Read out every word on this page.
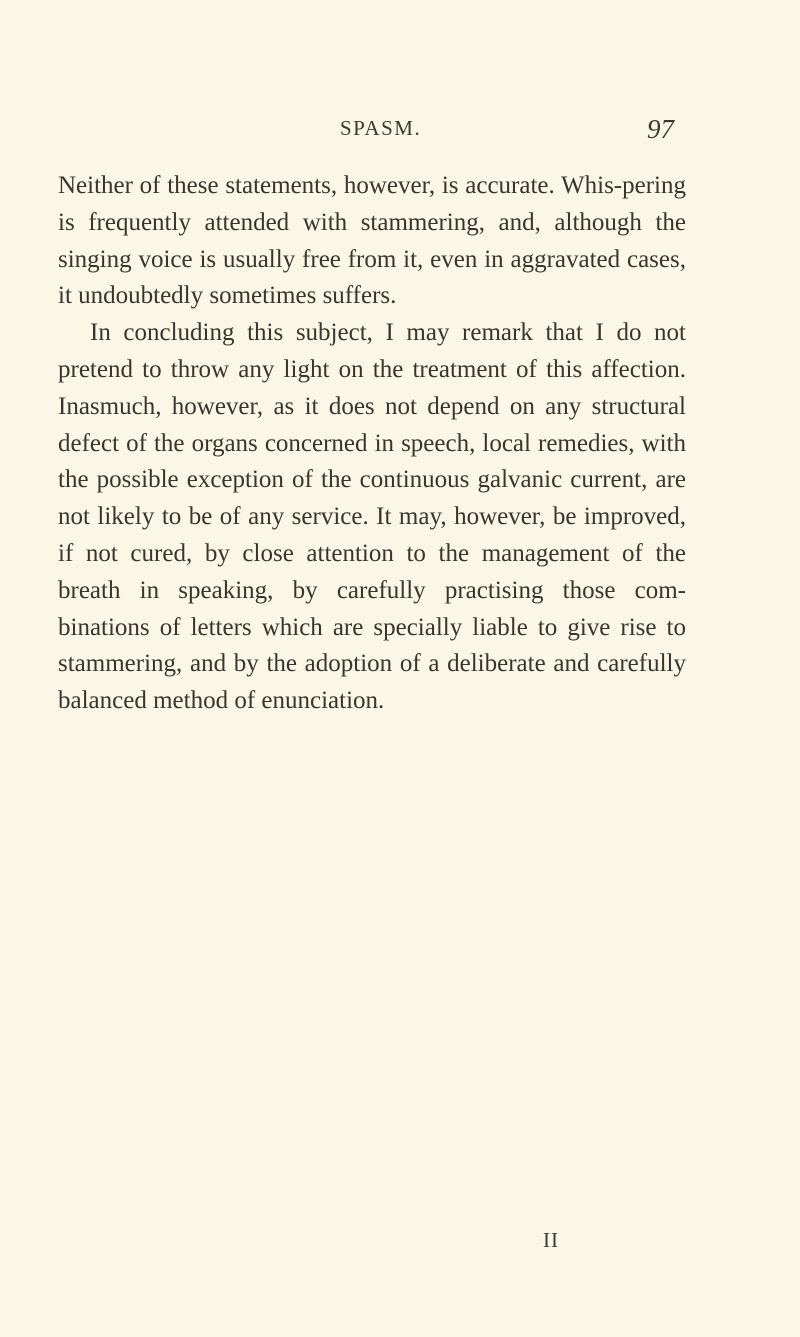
SPASM.	97

Neither of these statements, however, is accurate. Whis-pering is frequently attended with stammering, and, although the singing voice is usually free from it, even in aggravated cases, it undoubtedly sometimes suffers.

In concluding this subject, I may remark that I do not pretend to throw any light on the treatment of this affection. Inasmuch, however, as it does not depend on any structural defect of the organs concerned in speech, local remedies, with the possible exception of the continuous galvanic current, are not likely to be of any service. It may, however, be improved, if not cured, by close attention to the management of the breath in speaking, by carefully practising those com-binations of letters which are specially liable to give rise to stammering, and by the adoption of a deliberate and carefully balanced method of enunciation.

II
